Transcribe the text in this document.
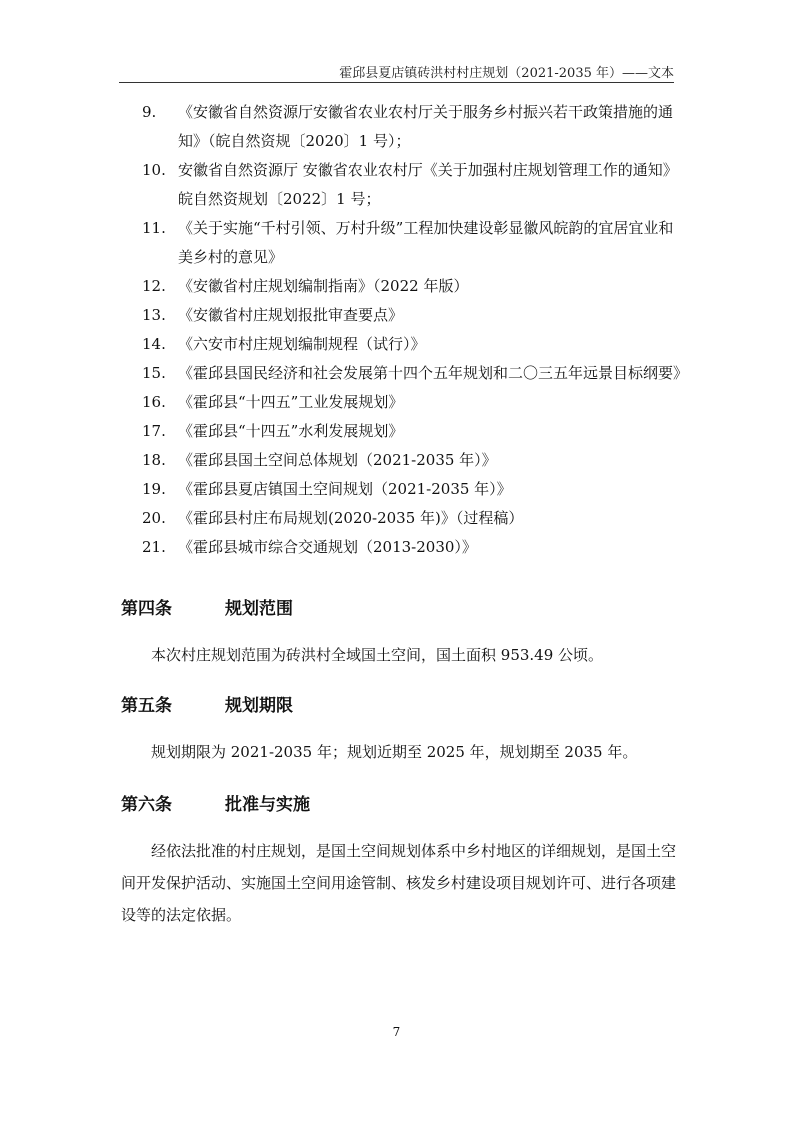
霍邱县夏店镇砖洪村村庄规划（2021-2035 年）——文本
9. 《安徽省自然资源厅安徽省农业农村厅关于服务乡村振兴若干政策措施的通知》（皖自然资规〔2020〕1 号）；
10. 安徽省自然资源厅 安徽省农业农村厅《关于加强村庄规划管理工作的通知》皖自然资规划〔2022〕1 号；
11. 《关于实施“千村引领、万村升级”工程加快建设彰显徽风皖韵的宜居宜业和美乡村的意见》
12. 《安徽省村庄规划编制指南》（2022 年版）
13. 《安徽省村庄规划报批审查要点》
14. 《六安市村庄规划编制规程（试行）》
15. 《霍邱县国民经济和社会发展第十四个五年规划和二〇三五年远景目标纲要》
16. 《霍邱县“十四五”工业发展规划》
17. 《霍邱县“十四五”水利发展规划》
18. 《霍邱县国土空间总体规划（2021-2035 年）》
19. 《霍邱县夏店镇国土空间规划（2021-2035 年）》
20. 《霍邱县村庄布局规划(2020-2035 年)》（过程稿）
21. 《霍邱县城市综合交通规划（2013-2030）》
第四条	规划范围

本次村庄规划范围为砖洪村全域国土空间，国土面积 953.49 公顷。

第五条	规划期限

规划期限为 2021-2035 年；规划近期至 2025 年，规划期至 2035 年。

第六条	批准与实施

经依法批准的村庄规划，是国土空间规划体系中乡村地区的详细规划，是国土空间开发保护活动、实施国土空间用途管制、核发乡村建设项目规划许可、进行各项建设等的法定依据。

7
